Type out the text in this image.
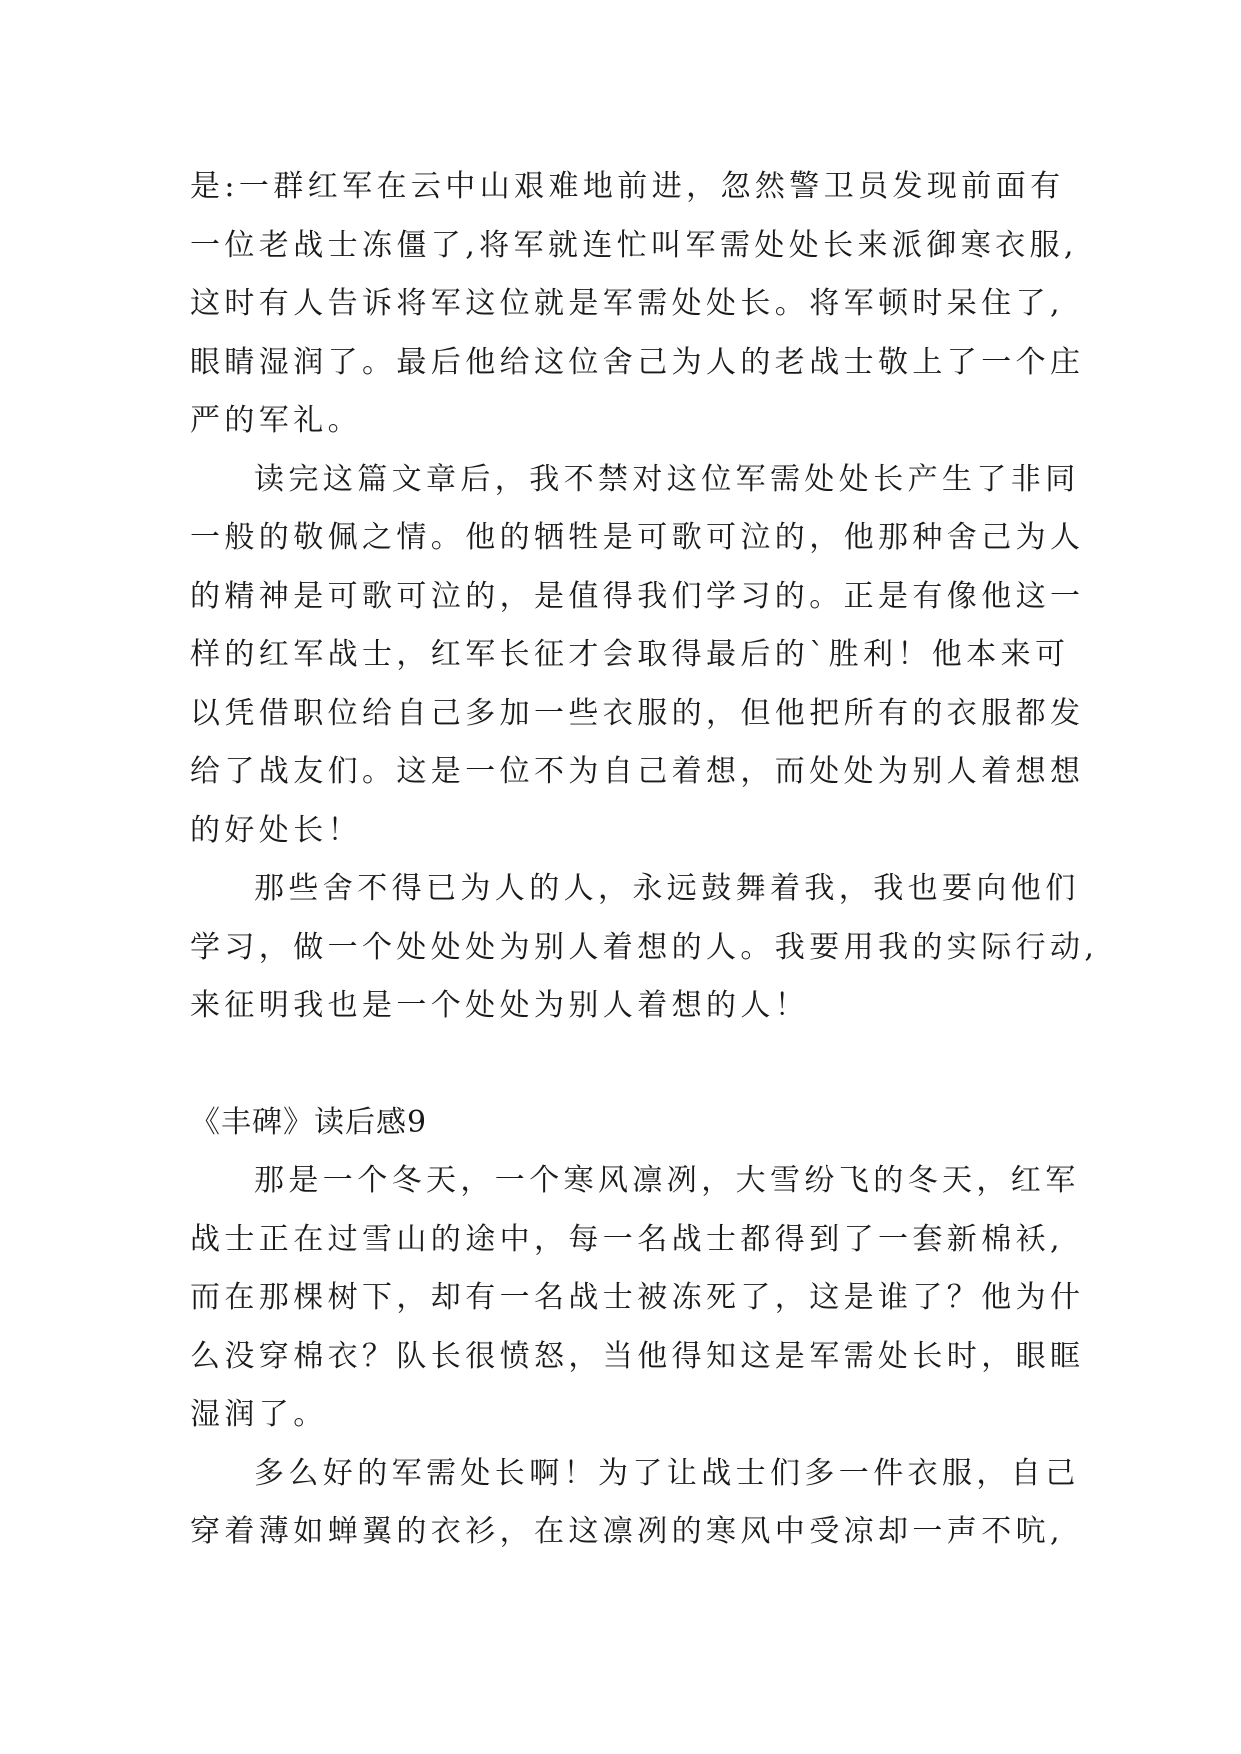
是:一群红军在云中山艰难地前进，忽然警卫员发现前面有
一位老战士冻僵了,将军就连忙叫军需处处长来派御寒衣服,
这时有人告诉将军这位就是军需处处长。将军顿时呆住了,
眼睛湿润了。最后他给这位舍己为人的老战士敬上了一个庄
严的军礼。
读完这篇文章后，我不禁对这位军需处处长产生了非同
一般的敬佩之情。他的牺牲是可歌可泣的，他那种舍己为人
的精神是可歌可泣的，是值得我们学习的。正是有像他这一
样的红军战士，红军长征才会取得最后的`胜利！他本来可
以凭借职位给自己多加一些衣服的，但他把所有的衣服都发
给了战友们。这是一位不为自己着想，而处处为别人着想想
的好处长！
那些舍不得已为人的人，永远鼓舞着我，我也要向他们
学习，做一个处处处为别人着想的人。我要用我的实际行动,
来征明我也是一个处处为别人着想的人！
《丰碑》读后感9
那是一个冬天，一个寒风凛冽，大雪纷飞的冬天，红军
战士正在过雪山的途中，每一名战士都得到了一套新棉袄,
而在那棵树下，却有一名战士被冻死了，这是谁了？他为什
么没穿棉衣？队长很愤怒，当他得知这是军需处长时，眼眶
湿润了。
多么好的军需处长啊！为了让战士们多一件衣服，自己
穿着薄如蝉翼的衣衫，在这凛冽的寒风中受凉却一声不吭,
